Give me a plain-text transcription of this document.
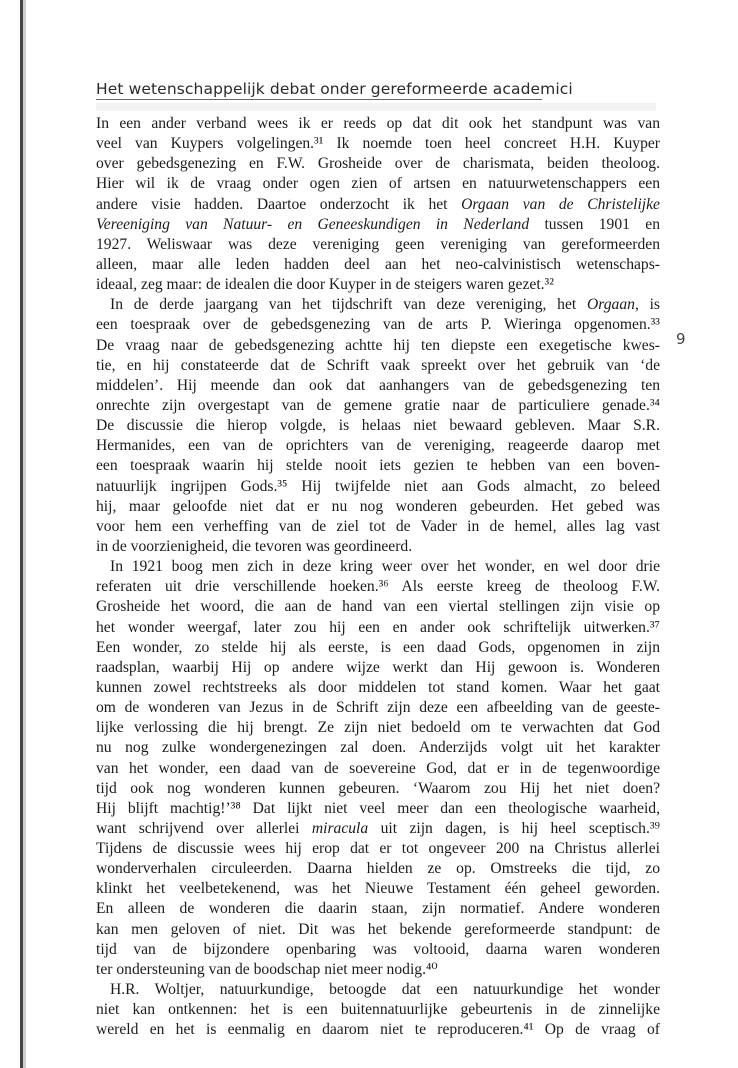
Het wetenschappelijk debat onder gereformeerde academici
9
In een ander verband wees ik er reeds op dat dit ook het standpunt was van
veel van Kuypers volgelingen.³¹ Ik noemde toen heel concreet H.H. Kuyper
over gebedsgenezing en F.W. Grosheide over de charismata, beiden theoloog.
Hier wil ik de vraag onder ogen zien of artsen en natuurwetenschappers een
andere visie hadden. Daartoe onderzocht ik het Orgaan van de Christelijke
Vereeniging van Natuur- en Geneeskundigen in Nederland tussen 1901 en
1927. Weliswaar was deze vereniging geen vereniging van gereformeerden
alleen, maar alle leden hadden deel aan het neo-calvinistisch wetenschaps-
ideaal, zeg maar: de idealen die door Kuyper in de steigers waren gezet.³²
In de derde jaargang van het tijdschrift van deze vereniging, het Orgaan, is
een toespraak over de gebedsgenezing van de arts P. Wieringa opgenomen.³³
De vraag naar de gebedsgenezing achtte hij ten diepste een exegetische kwes-
tie, en hij constateerde dat de Schrift vaak spreekt over het gebruik van ‘de
middelen’. Hij meende dan ook dat aanhangers van de gebedsgenezing ten
onrechte zijn overgestapt van de gemene gratie naar de particuliere genade.³⁴
De discussie die hierop volgde, is helaas niet bewaard gebleven. Maar S.R.
Hermanides, een van de oprichters van de vereniging, reageerde daarop met
een toespraak waarin hij stelde nooit iets gezien te hebben van een boven-
natuurlijk ingrijpen Gods.³⁵ Hij twijfelde niet aan Gods almacht, zo beleed
hij, maar geloofde niet dat er nu nog wonderen gebeurden. Het gebed was
voor hem een verheffing van de ziel tot de Vader in de hemel, alles lag vast
in de voorzienigheid, die tevoren was geordineerd.
In 1921 boog men zich in deze kring weer over het wonder, en wel door drie
referaten uit drie verschillende hoeken.³⁶ Als eerste kreeg de theoloog F.W.
Grosheide het woord, die aan de hand van een viertal stellingen zijn visie op
het wonder weergaf, later zou hij een en ander ook schriftelijk uitwerken.³⁷
Een wonder, zo stelde hij als eerste, is een daad Gods, opgenomen in zijn
raadsplan, waarbij Hij op andere wijze werkt dan Hij gewoon is. Wonderen
kunnen zowel rechtstreeks als door middelen tot stand komen. Waar het gaat
om de wonderen van Jezus in de Schrift zijn deze een afbeelding van de geeste-
lijke verlossing die hij brengt. Ze zijn niet bedoeld om te verwachten dat God
nu nog zulke wondergenezingen zal doen. Anderzijds volgt uit het karakter
van het wonder, een daad van de soevereine God, dat er in de tegenwoordige
tijd ook nog wonderen kunnen gebeuren. ‘Waarom zou Hij het niet doen?
Hij blijft machtig!’³⁸ Dat lijkt niet veel meer dan een theologische waarheid,
want schrijvend over allerlei miracula uit zijn dagen, is hij heel sceptisch.³⁹
Tijdens de discussie wees hij erop dat er tot ongeveer 200 na Christus allerlei
wonderverhalen circuleerden. Daarna hielden ze op. Omstreeks die tijd, zo
klinkt het veelbetekenend, was het Nieuwe Testament één geheel geworden.
En alleen de wonderen die daarin staan, zijn normatief. Andere wonderen
kan men geloven of niet. Dit was het bekende gereformeerde standpunt: de
tijd van de bijzondere openbaring was voltooid, daarna waren wonderen
ter ondersteuning van de boodschap niet meer nodig.⁴⁰
H.R. Woltjer, natuurkundige, betoogde dat een natuurkundige het wonder
niet kan ontkennen: het is een buitennatuurlijke gebeurtenis in de zinnelijke
wereld en het is eenmalig en daarom niet te reproduceren.⁴¹ Op de vraag of
